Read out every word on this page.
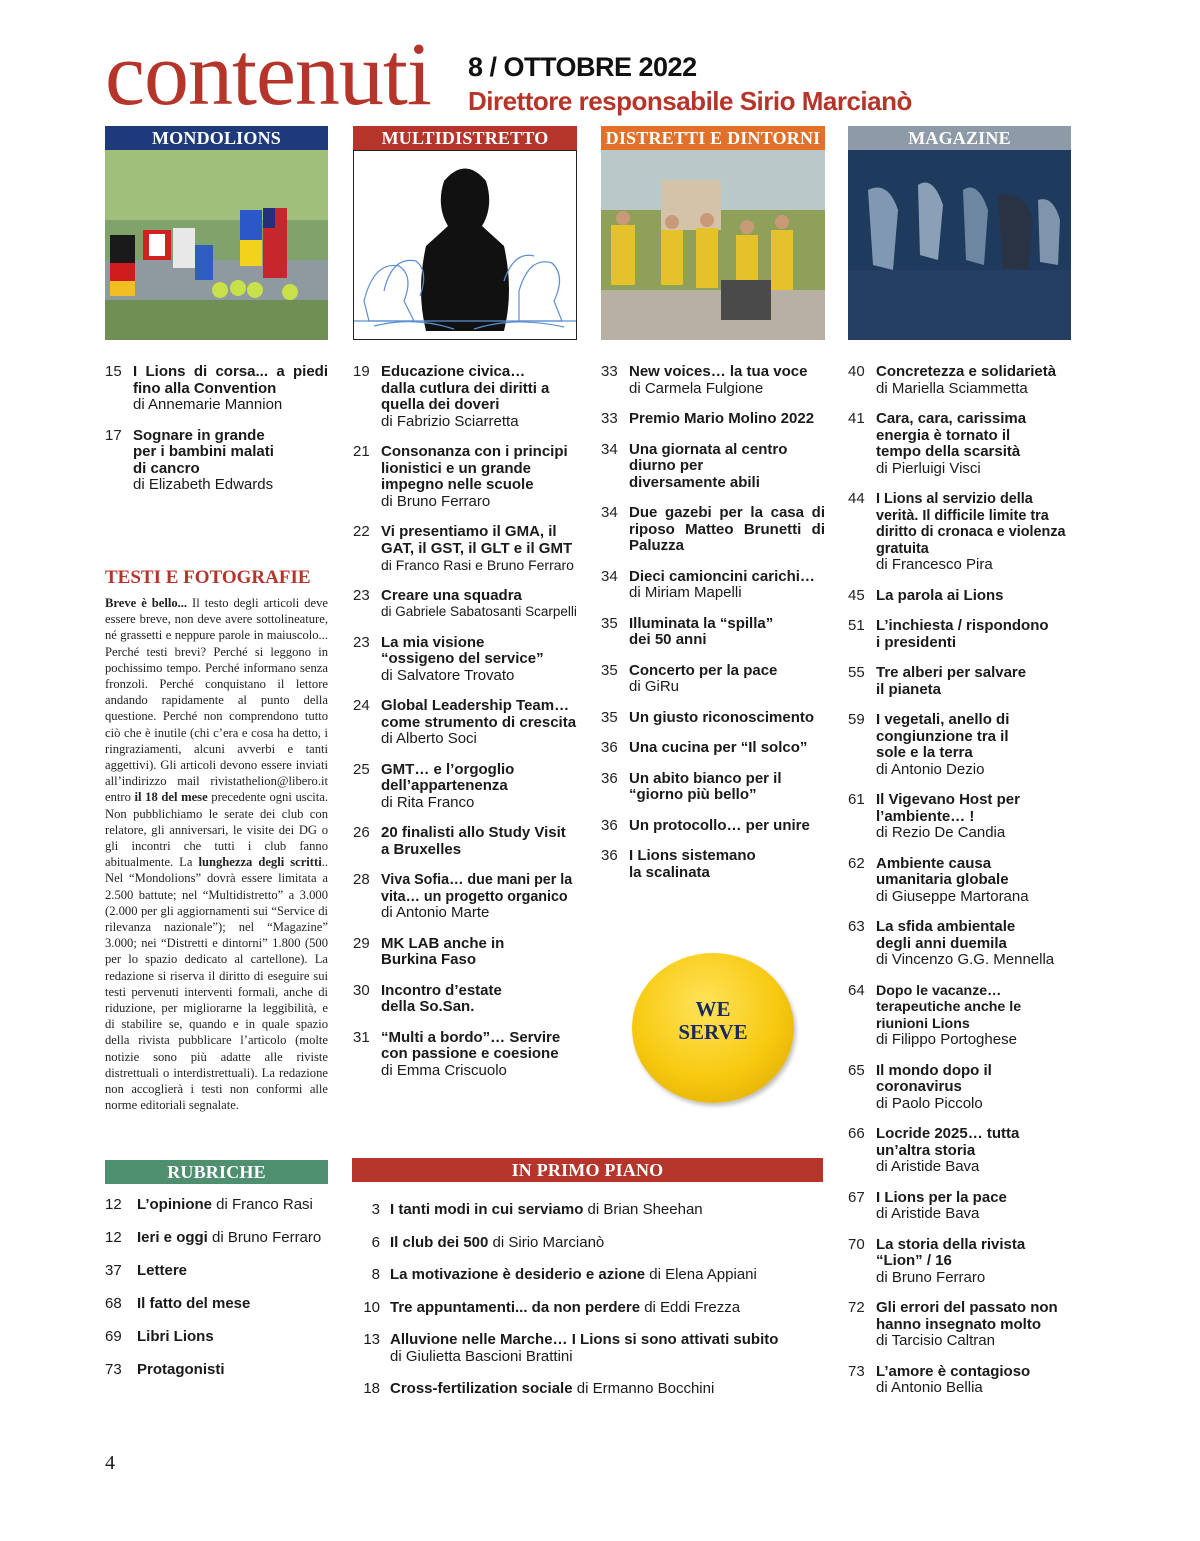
contenuti 8 / OTTOBRE 2022
Direttore responsabile Sirio Marcianò
MONDOLIONS
15 I Lions di corsa... a piedi fino alla Convention
di Annemarie Mannion
17 Sognare in grande per i bambini malati di cancro
di Elizabeth Edwards
TESTI E FOTOGRAFIE

Breve è bello... Il testo degli articoli deve essere breve, non deve avere sottolineature, né grassetti e neppure parole in maiuscolo... Perché testi brevi? Perché si leggono in pochissimo tempo. Perché informano senza fronzoli. Perché conquistano il lettore andando rapidamente al punto della questione. Perché non comprendono tutto ciò che è inutile (chi c’era e cosa ha detto, i ringraziamenti, alcuni avverbi e tanti aggettivi). Gli articoli devono essere inviati all’indirizzo mail rivistathelion@libero.it entro il 18 del mese precedente ogni uscita. Non pubblichiamo le serate dei club con relatore, gli anniversari, le visite dei DG o gli incontri che tutti i club fanno abitualmente. La lunghezza degli scritti.. Nel “Mondolions” dovrà essere limitata a 2.500 battute; nel “Multidistretto” a 3.000 (2.000 per gli aggiornamenti sui “Service di rilevanza nazionale”); nel “Magazine” 3.000; nei “Distretti e dintorni” 1.800 (500 per lo spazio dedicato al cartellone). La redazione si riserva il diritto di eseguire sui testi pervenuti interventi formali, anche di riduzione, per migliorarne la leggibilità, e di stabilire se, quando e in quale spazio della rivista pubblicare l’articolo (molte notizie sono più adatte alle riviste distrettuali o interdistrettuali). La redazione non accoglierà i testi non conformi alle norme editoriali segnalate.

MULTIDISTRETTO
19 Educazione civica… dalla cutlura dei diritti a quella dei doveri
di Fabrizio Sciarretta
21 Consonanza con i principi lionistici e un grande impegno nelle scuole
di Bruno Ferraro
22 Vi presentiamo il GMA, il GAT, il GST, il GLT e il GMT
di Franco Rasi e Bruno Ferraro
23 Creare una squadra
di Gabriele Sabatosanti Scarpelli
23 La mia visione “ossigeno del service”
di Salvatore Trovato
24 Global Leadership Team… come strumento di crescita
di Alberto Soci
25 GMT… e l’orgoglio dell’appartenenza
di Rita Franco
26 20 finalisti allo Study Visit a Bruxelles
28 Viva Sofia… due mani per la vita… un progetto organico
di Antonio Marte
29 MK LAB anche in Burkina Faso
30 Incontro d’estate della So.San.
31 “Multi a bordo”… Servire con passione e coesione
di Emma Criscuolo
DISTRETTI E DINTORNI
33 New voices… la tua voce
di Carmela Fulgione
33 Premio Mario Molino 2022
34 Una giornata al centro diurno per diversamente abili
34 Due gazebi per la casa di riposo Matteo Brunetti di Paluzza
34 Dieci camioncini carichi…
di Miriam Mapelli
35 Illuminata la “spilla” dei 50 anni
35 Concerto per la pace
di GiRu
35 Un giusto riconoscimento
36 Una cucina per “Il solco”
36 Un abito bianco per il “giorno più bello”
36 Un protocollo… per unire
36 I Lions sistemano la scalinata
WE
SERVE
MAGAZINE
40 Concretezza e solidarietà
di Mariella Sciammetta
41 Cara, cara, carissima energia è tornato il tempo della scarsità
di Pierluigi Visci
44 I Lions al servizio della verità. Il difficile limite tra diritto di cronaca e violenza gratuita
di Francesco Pira
45 La parola ai Lions
51 L’inchiesta / rispondono i presidenti
55 Tre alberi per salvare il pianeta
59 I vegetali, anello di congiunzione tra il sole e la terra
di Antonio Dezio
61 Il Vigevano Host per l’ambiente… !
di Rezio De Candia
62 Ambiente causa umanitaria globale
di Giuseppe Martorana
63 La sfida ambientale degli anni duemila
di Vincenzo G.G. Mennella
64 Dopo le vacanze… terapeutiche anche le riunioni Lions
di Filippo Portoghese
65 Il mondo dopo il coronavirus
di Paolo Piccolo
66 Locride 2025… tutta un’altra storia
di Aristide Bava
67 I Lions per la pace
di Aristide Bava
70 La storia della rivista “Lion” / 16
di Bruno Ferraro
72 Gli errori del passato non hanno insegnato molto
di Tarcisio Caltran
73 L’amore è contagioso
di Antonio Bellia
RUBRICHE
12	L’opinione di Franco Rasi
12	Ieri e oggi di Bruno Ferraro
37	Lettere
68	Il fatto del mese
69	Libri Lions
73	Protagonisti
IN PRIMO PIANO
3 I tanti modi in cui serviamo di Brian Sheehan
6 Il club dei 500 di Sirio Marcianò
8 La motivazione è desiderio e azione di Elena Appiani
10 Tre appuntamenti... da non perdere di Eddi Frezza
13 Alluvione nelle Marche… I Lions si sono attivati subito
di Giulietta Bascioni Brattini
18 Cross-fertilization sociale di Ermanno Bocchini
4
